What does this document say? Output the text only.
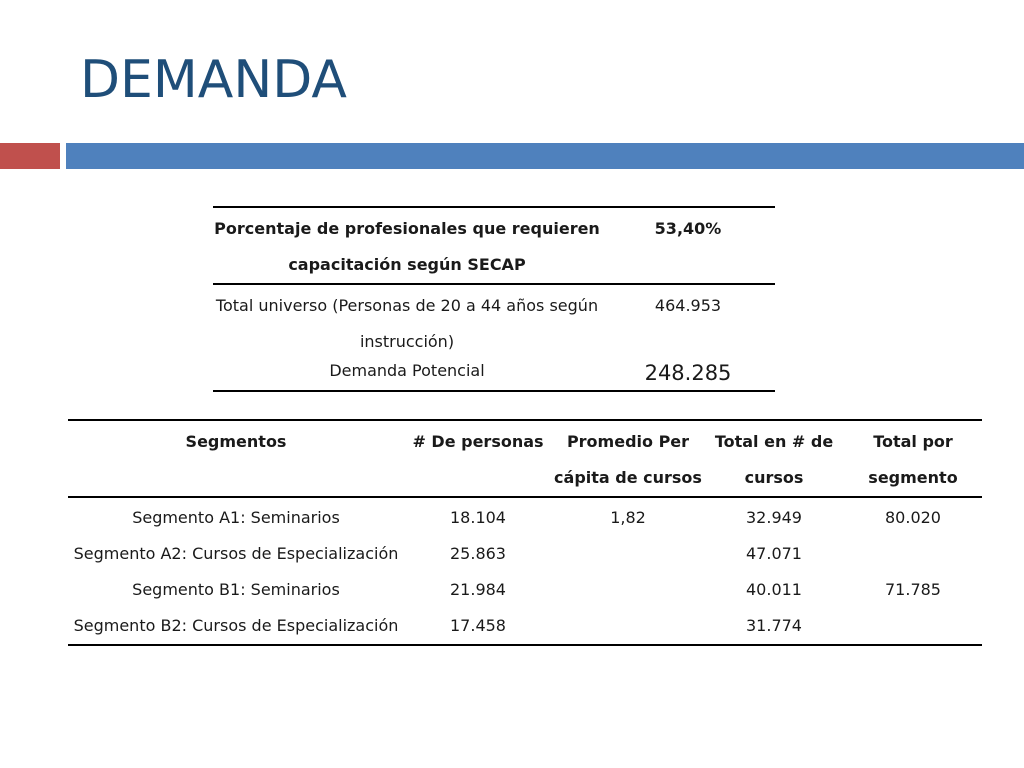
DEMANDA
Porcentaje de profesionales que requieren capacitación según SECAP	53,40%
Total universo (Personas de 20 a 44 años según instrucción)	464.953
Demanda Potencial	248.285
Segmentos	# De personas	Promedio Per cápita de cursos	Total en # de cursos	Total por segmento
Segmento A1: Seminarios	18.104	1,82	32.949	80.020
Segmento A2: Cursos de Especialización	25.863		47.071	
Segmento B1: Seminarios	21.984		40.011	71.785
Segmento B2: Cursos de Especialización	17.458		31.774	
